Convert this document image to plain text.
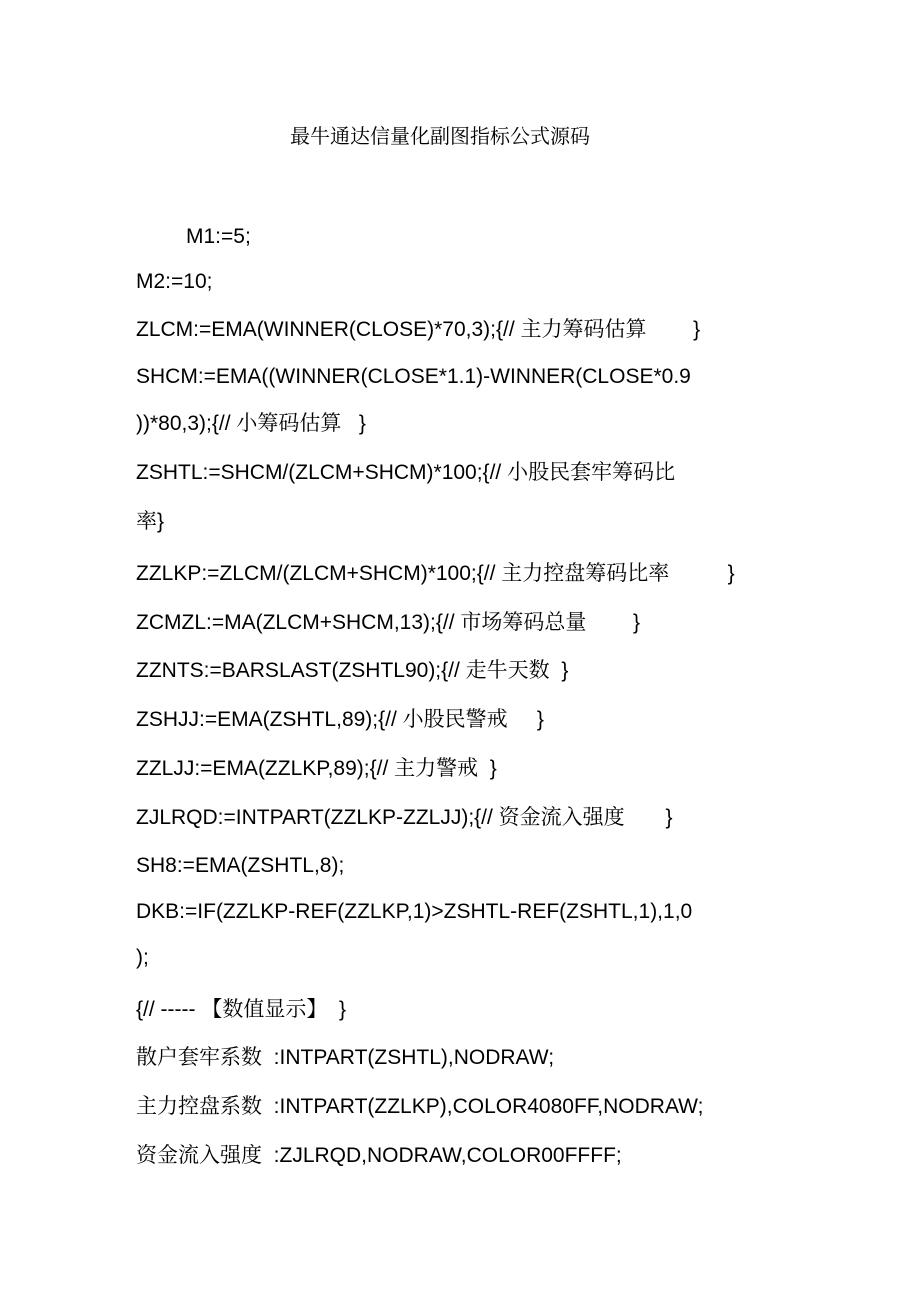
最牛通达信量化副图指标公式源码
M1:=5;
M2:=10;
ZLCM:=EMA(WINNER(CLOSE)*70,3);{// 主力筹码估算        }
SHCM:=EMA((WINNER(CLOSE*1.1)-WINNER(CLOSE*0.9
))*80,3);{// 小筹码估算   }
ZSHTL:=SHCM/(ZLCM+SHCM)*100;{// 小股民套牢筹码比
率}
ZZLKP:=ZLCM/(ZLCM+SHCM)*100;{// 主力控盘筹码比率          }
ZCMZL:=MA(ZLCM+SHCM,13);{// 市场筹码总量        }
ZZNTS:=BARSLAST(ZSHTL90);{// 走牛天数  }
ZSHJJ:=EMA(ZSHTL,89);{// 小股民警戒     }
ZZLJJ:=EMA(ZZLKP,89);{// 主力警戒  }
ZJLRQD:=INTPART(ZZLKP-ZZLJJ);{// 资金流入强度       }
SH8:=EMA(ZSHTL,8);
DKB:=IF(ZZLKP-REF(ZZLKP,1)>ZSHTL-REF(ZSHTL,1),1,0
);
{// ----- 【数值显示】  }
散户套牢系数  :INTPART(ZSHTL),NODRAW;
主力控盘系数  :INTPART(ZZLKP),COLOR4080FF,NODRAW;
资金流入强度  :ZJLRQD,NODRAW,COLOR00FFFF;
